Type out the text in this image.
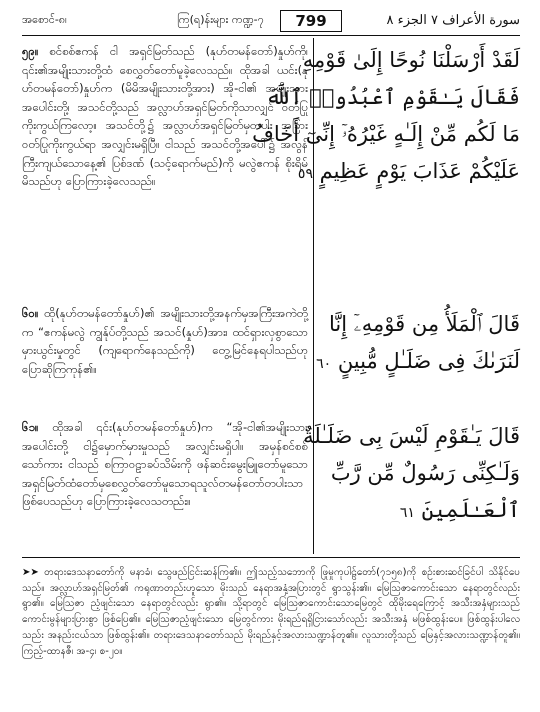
အစောင်-၈၊	ကြ(ရ)န်းများ ကဏ္ဍ-၇	799	سورة الأعراف ٧ الجزء ٨
၅၉။ စင်စစ်ဧကန် ငါ အရှင်မြတ်သည် (နုဟ်တမန်တော်)နှုဟ်ကို၊ ၎င်း၏အမျိုးသားတို့ထံ စေလွှတ်တော်မူခဲ့လေသည်။ ထိုအခါ ယင်း(နုဟ်တမန်တော်)နှုဟ်က (မိမိအမျိုးသားတို့အား) အို-ငါ၏ အမျိုးသားအပေါင်းတို့၊ အသင်တို့သည် အလ္လာဟ်အရှင်မြတ်ကိုသာလျှင် ဝတ်ပြုကိုးကွယ်ကြလော့။ အသင်တို့၌ အလ္လာဟ်အရှင်မြတ်မှတပါး အခြားဝတ်ပြုကိုးကွယ်ရာ အလျှင်းမရှိပြီ။ ငါသည် အသင်တို့အပေါ်၌ အလွန်ကြီးကျယ်သောနေ့၏ ပြစ်ဒဏ် (သင့်ရောက်မည်)ကို မလွဲဧကန် စိုးရိမ်မိသည်ဟု ပြောကြားခဲ့လေသည်။
لَقَدْ أَرْسَلْنَا نُوحًا إِلَىٰ قَوْمِهِ
فَقَالَ يَـٰقَوْمِ ٱعْبُدُوا۟ ٱللَّهَ
مَا لَكُم مِّنْ إِلَـٰهٍ غَيْرُهُۥٓ إِنِّىٓ أَخَافُ
عَلَيْكُمْ عَذَابَ يَوْمٍ عَظِيمٍ ٥٩
၆၀။ ထို(နုဟ်တမန်တော်နှုဟ်)၏ အမျိုးသားတို့အနက်မှအကြီးအကဲတို့က “ဧကန်မလွဲ ကျွန်ုပ်တို့သည် အသင်(နှုဟ်)အား၊ ထင်ရှားလှစွာသော မှားယွင်းမှုတွင် (ကျရောက်နေသည်ကို) တွေ့မြင်နေရပါသည်ဟု ပြောဆိုကြကုန်၏။
قَالَ ٱلْمَلَأُ مِن قَوْمِهِۦٓ إِنَّا
لَنَرَىٰكَ فِى ضَلَـٰلٍ مُّبِينٍ ٦٠
၆၁။ ထိုအခါ ၎င်း(နုဟ်တမန်တော်နှုဟ်)က “အို-ငါ၏အမျိုးသားအပေါင်းတို့ ငါ၌မှောက်မှားမှုသည် အလျှင်းမရှိပါ။ အမှန်စင်စစ်သော်ကား ငါသည် စကြာဝဠာခပ်သိမ်းကို ဖန်ဆင်းမွေးမြူတော်မူသောအရှင်မြတ်ထံတော်မှစေလွှတ်တော်မူသောရသူလ်တမန်တော်တပါးသာဖြစ်ပေသည်ဟု ပြောကြားခဲ့လေသတည်း။
قَالَ يَـٰقَوْمِ لَيْسَ بِى ضَلَـٰلَةٌ
وَلَـٰكِنِّى رَسُولٌ مِّن رَّبِّ
ٱلْعَـٰلَمِينَ ٦١
➤➤ တရားဒေသနာတော်ကို မနာခံ၊ သွေဖည်ငြင်းဆန်ကြ၏။ ဤသည့်သဘောကို ဖြုမှုကုပါဠ်တော်(၇၁၅၈)ကို စဉ်းစားဆင်ခြင်ပါ သိနိုင်ပေသည်။ အလ္လာဟ်အရှင်မြတ်၏ ကရုဏာတည်းဟူသော မိုးသည် နေရာအနှံ့အပြားတွင် ရွာသွန်း၏။ မြေသြဇာကောင်းသော နေရာတွင်လည်း ရွာ၏။ မြေသြဇာ ညံ့ဖျင်းသော နေရာတွင်လည်း ရွာ၏။ သို့ရာတွင် မြေသြဇာကောင်းသောမြေတွင် ထိုမိုးရေကြောင့် အသီးအနှံများသည် ကောင်းမွန်များပြားစွာ ဖြစ်ပြေ၏။ မြေသြဇာညံ့ဖျင်းသော မြေတွင်ကား မိုးရည်ရရှိငြားသော်လည်း အသီးအနှံ မဖြစ်ထွန်းပေ။ ဖြစ်ထွန်းပါလေသည်း အနည်းငယ်သာ ဖြစ်ထွန်း၏။ တရားဒေသနာတော်သည် မိုးရည်နှင့်အလားသဏ္ဍာန်တူ၏။ လူသားတို့သည် မြေနှင့်အလားသဏ္ဍာန်တူ၏။ ကြည့်-ထာနဇီ၊ အ-၄၊ စ-၂၀။
